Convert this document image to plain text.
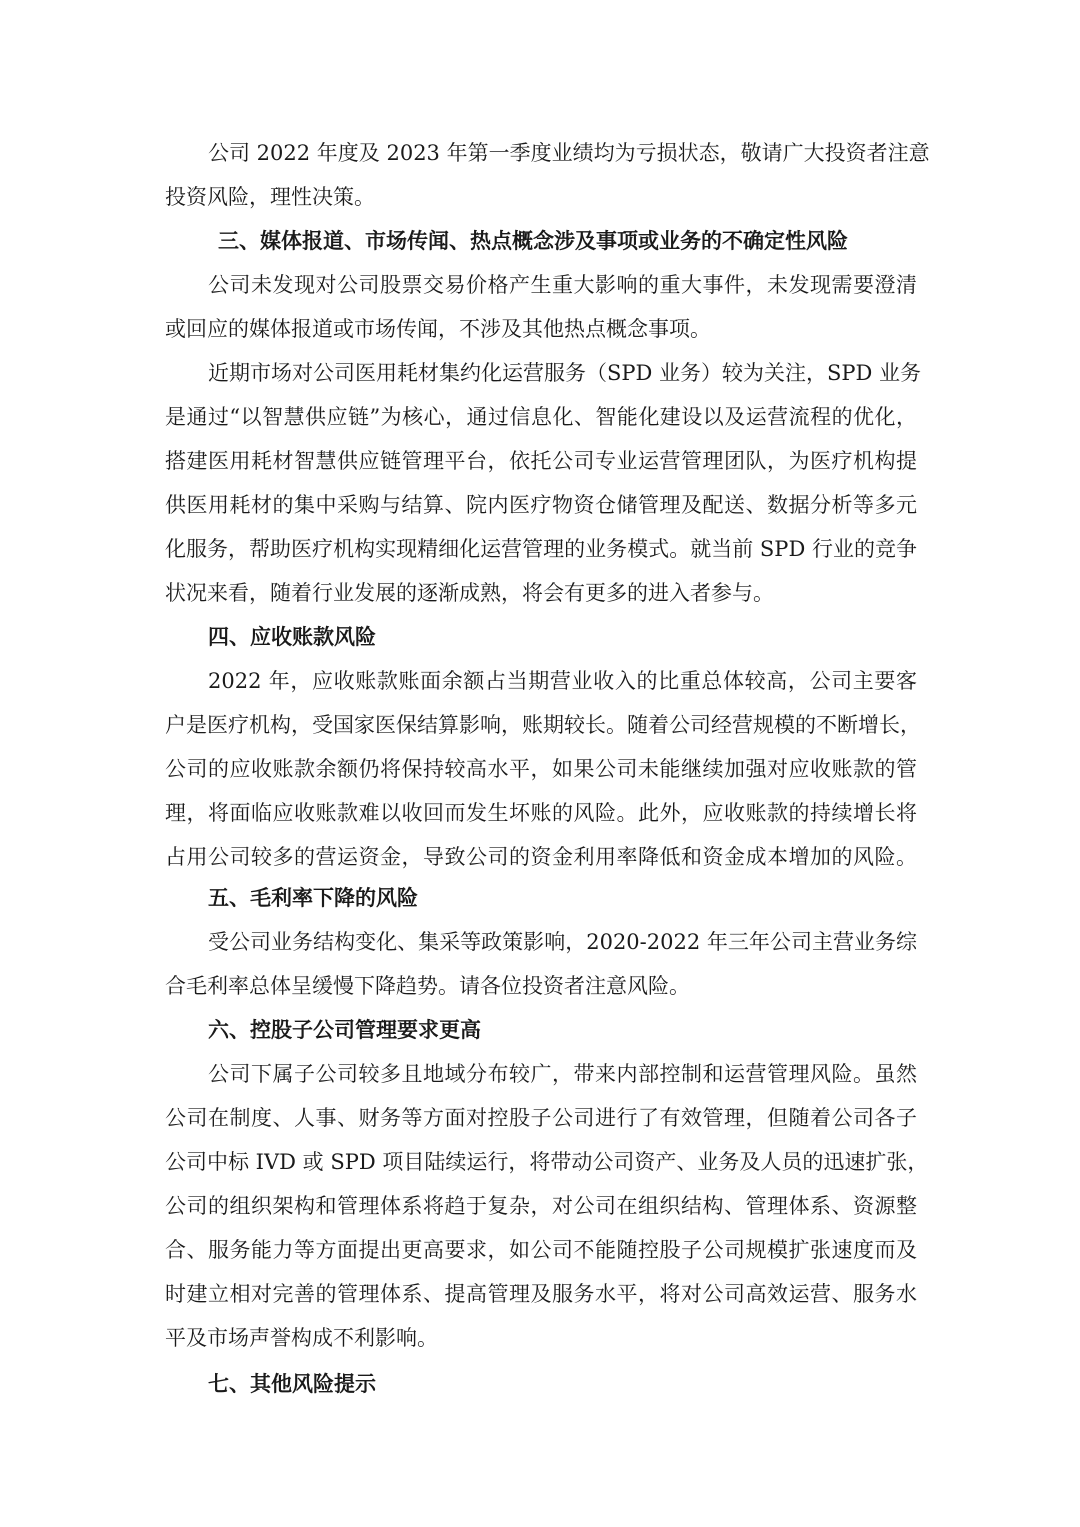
公司 2022 年度及 2023 年第一季度业绩均为亏损状态，敬请广大投资者注意
投资风险，理性决策。
三、媒体报道、市场传闻、热点概念涉及事项或业务的不确定性风险
公司未发现对公司股票交易价格产生重大影响的重大事件，未发现需要澄清
或回应的媒体报道或市场传闻，不涉及其他热点概念事项。
近期市场对公司医用耗材集约化运营服务（SPD 业务）较为关注，SPD 业务
是通过“以智慧供应链”为核心，通过信息化、智能化建设以及运营流程的优化，
搭建医用耗材智慧供应链管理平台，依托公司专业运营管理团队，为医疗机构提
供医用耗材的集中采购与结算、院内医疗物资仓储管理及配送、数据分析等多元
化服务，帮助医疗机构实现精细化运营管理的业务模式。就当前 SPD 行业的竞争
状况来看，随着行业发展的逐渐成熟，将会有更多的进入者参与。
四、应收账款风险
2022 年，应收账款账面余额占当期营业收入的比重总体较高，公司主要客
户是医疗机构，受国家医保结算影响，账期较长。随着公司经营规模的不断增长，
公司的应收账款余额仍将保持较高水平，如果公司未能继续加强对应收账款的管
理，将面临应收账款难以收回而发生坏账的风险。此外，应收账款的持续增长将
占用公司较多的营运资金，导致公司的资金利用率降低和资金成本增加的风险。
五、毛利率下降的风险
受公司业务结构变化、集采等政策影响，2020-2022 年三年公司主营业务综
合毛利率总体呈缓慢下降趋势。请各位投资者注意风险。
六、控股子公司管理要求更高
公司下属子公司较多且地域分布较广，带来内部控制和运营管理风险。虽然
公司在制度、人事、财务等方面对控股子公司进行了有效管理，但随着公司各子
公司中标 IVD 或 SPD 项目陆续运行，将带动公司资产、业务及人员的迅速扩张，
公司的组织架构和管理体系将趋于复杂，对公司在组织结构、管理体系、资源整
合、服务能力等方面提出更高要求，如公司不能随控股子公司规模扩张速度而及
时建立相对完善的管理体系、提高管理及服务水平，将对公司高效运营、服务水
平及市场声誉构成不利影响。
七、其他风险提示
